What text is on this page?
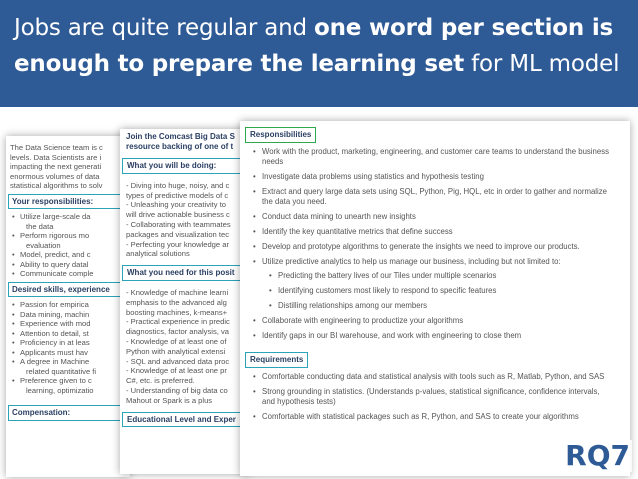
Jobs are quite regular and one word per section is
enough to prepare the learning set for ML model
The Data Science team is c
levels. Data Scientists are i
impacting the next generati
enormous volumes of data
statistical algorithms to solv
Your responsibilities:
• Utilize large-scale da
the data
• Perform rigorous mo
evaluation
• Model, predict, and c
• Ability to query datal
• Communicate comple
Desired skills, experience
• Passion for empirica
• Data mining, machin
• Experience with mod
• Attention to detail, st
• Proficiency in at leas
• Applicants must hav
• A degree in Machine
related quantitative fi
• Preference given to c
learning, optimizatio
Compensation:
Join the Comcast Big Data S
resource backing of one of t
What you will be doing:
- Diving into huge, noisy, and c
types of predictive models of c
- Unleashing your creativity to
will drive actionable business c
- Collaborating with teammates
packages and visualization tec
- Perfecting your knowledge ar
analytical solutions
What you need for this posit
- Knowledge of machine learni
emphasis to the advanced alg
boosting machines, k-means+
- Practical experience in predic
diagnostics, factor analysis, va
- Knowledge of at least one of
Python with analytical extensi
- SQL and advanced data proc
- Knowledge of at least one pr
C#, etc. is preferred.
- Understanding of big data co
Mahout or Spark is a plus
Educational Level and Exper
Responsibilities
• Work with the product, marketing, engineering, and customer care teams to understand the business needs
• Investigate data problems using statistics and hypothesis testing
• Extract and query large data sets using SQL, Python, Pig, HQL, etc in order to gather and normalize the data you need.
• Conduct data mining to unearth new insights
• Identify the key quantitative metrics that define success
• Develop and prototype algorithms to generate the insights we need to improve our products.
• Utilize predictive analytics to help us manage our business, including but not limited to:
• Predicting the battery lives of our Tiles under multiple scenarios
• Identifying customers most likely to respond to specific features
• Distilling relationships among our members
• Collaborate with engineering to productize your algorithms
• Identify gaps in our BI warehouse, and work with engineering to close them
Requirements
• Comfortable conducting data and statistical analysis with tools such as R, Matlab, Python, and SAS
• Strong grounding in statistics. (Understands p-values, statistical significance, confidence intervals, and hypothesis tests)
• Comfortable with statistical packages such as R, Python, and SAS to create your algorithms
RQ7
